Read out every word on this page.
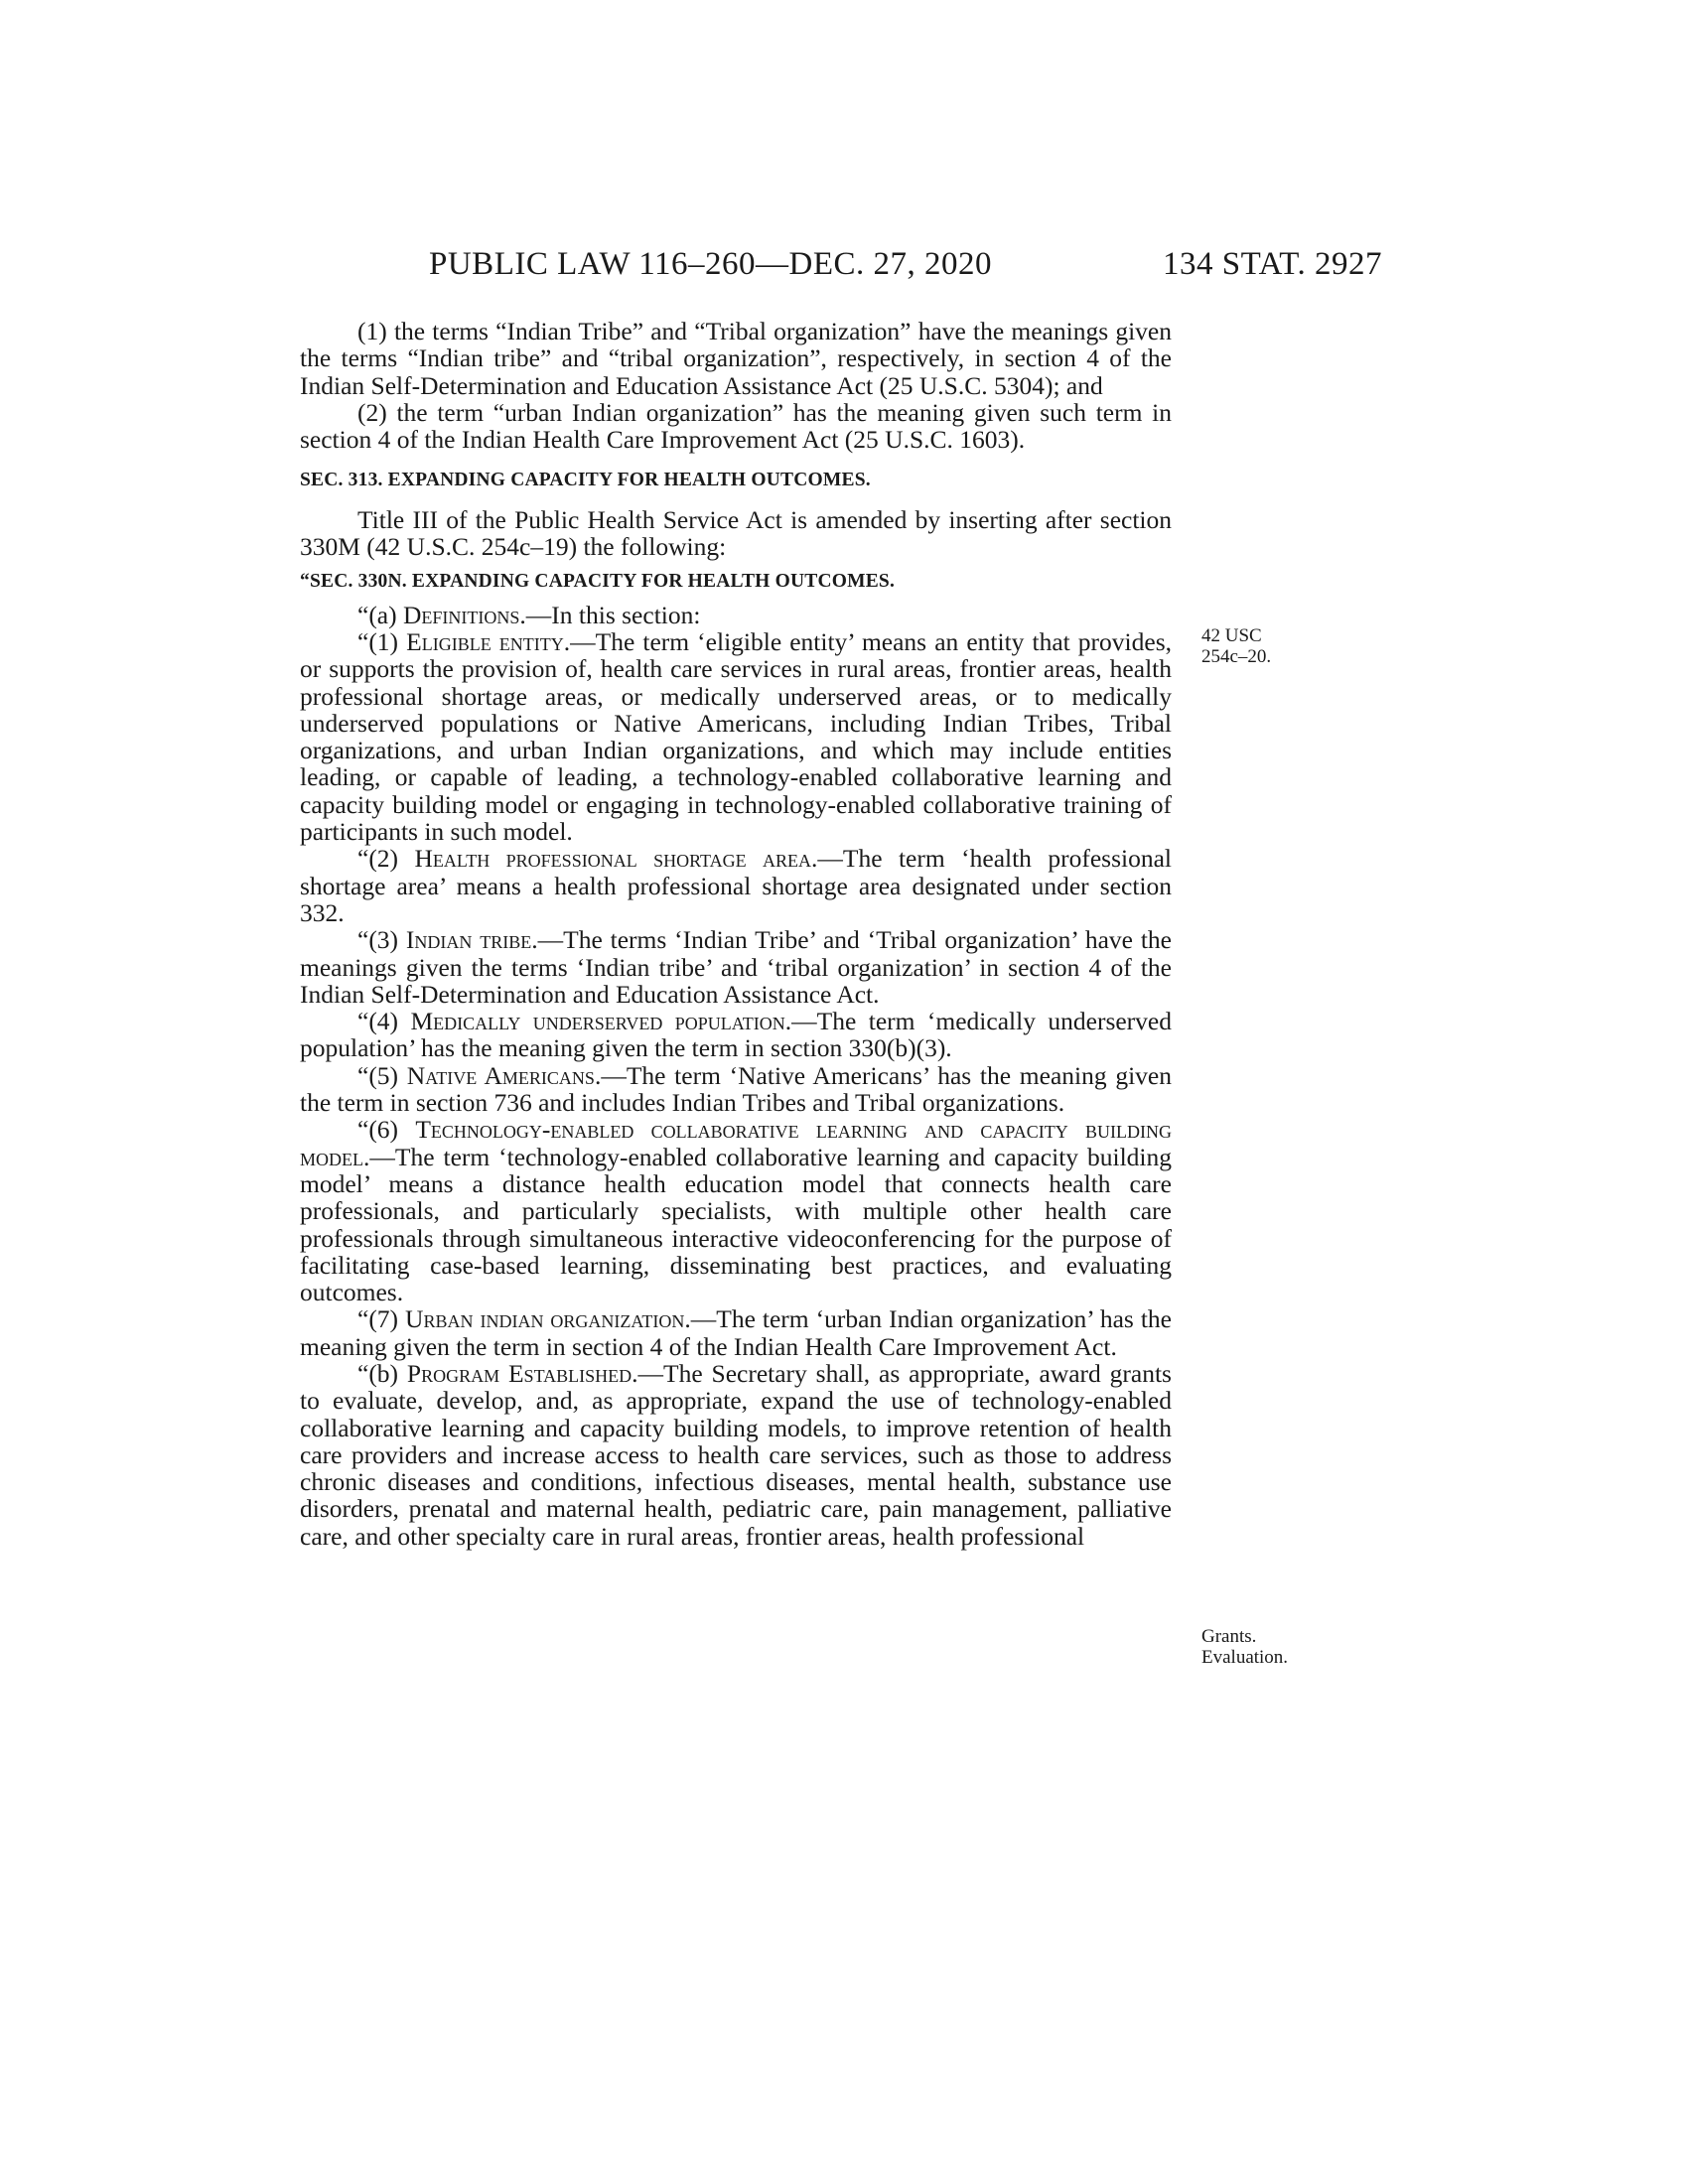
PUBLIC LAW 116–260—DEC. 27, 2020	134 STAT. 2927
42 USC
254c–20.
Grants.
Evaluation.

(1) the terms “Indian Tribe” and “Tribal organization” have the meanings given the terms “Indian tribe” and “tribal organization”, respectively, in section 4 of the Indian Self-Determination and Education Assistance Act (25 U.S.C. 5304); and

(2) the term “urban Indian organization” has the meaning given such term in section 4 of the Indian Health Care Improvement Act (25 U.S.C. 1603).

SEC. 313. EXPANDING CAPACITY FOR HEALTH OUTCOMES.

Title III of the Public Health Service Act is amended by inserting after section 330M (42 U.S.C. 254c–19) the following:

“SEC. 330N. EXPANDING CAPACITY FOR HEALTH OUTCOMES.

“(a) Definitions.—In this section:

“(1) Eligible entity.—The term ‘eligible entity’ means an entity that provides, or supports the provision of, health care services in rural areas, frontier areas, health professional shortage areas, or medically underserved areas, or to medically underserved populations or Native Americans, including Indian Tribes, Tribal organizations, and urban Indian organizations, and which may include entities leading, or capable of leading, a technology-enabled collaborative learning and capacity building model or engaging in technology-enabled collaborative training of participants in such model.

“(2) Health professional shortage area.—The term ‘health professional shortage area’ means a health professional shortage area designated under section 332.

“(3) Indian tribe.—The terms ‘Indian Tribe’ and ‘Tribal organization’ have the meanings given the terms ‘Indian tribe’ and ‘tribal organization’ in section 4 of the Indian Self-Determination and Education Assistance Act.

“(4) Medically underserved population.—The term ‘medically underserved population’ has the meaning given the term in section 330(b)(3).

“(5) Native Americans.—The term ‘Native Americans’ has the meaning given the term in section 736 and includes Indian Tribes and Tribal organizations.

“(6) Technology-enabled collaborative learning and capacity building model.—The term ‘technology-enabled collaborative learning and capacity building model’ means a distance health education model that connects health care professionals, and particularly specialists, with multiple other health care professionals through simultaneous interactive videoconferencing for the purpose of facilitating case-based learning, disseminating best practices, and evaluating outcomes.

“(7) Urban indian organization.—The term ‘urban Indian organization’ has the meaning given the term in section 4 of the Indian Health Care Improvement Act.

“(b) Program Established.—The Secretary shall, as appropriate, award grants to evaluate, develop, and, as appropriate, expand the use of technology-enabled collaborative learning and capacity building models, to improve retention of health care providers and increase access to health care services, such as those to address chronic diseases and conditions, infectious diseases, mental health, substance use disorders, prenatal and maternal health, pediatric care, pain management, palliative care, and other specialty care in rural areas, frontier areas, health professional
